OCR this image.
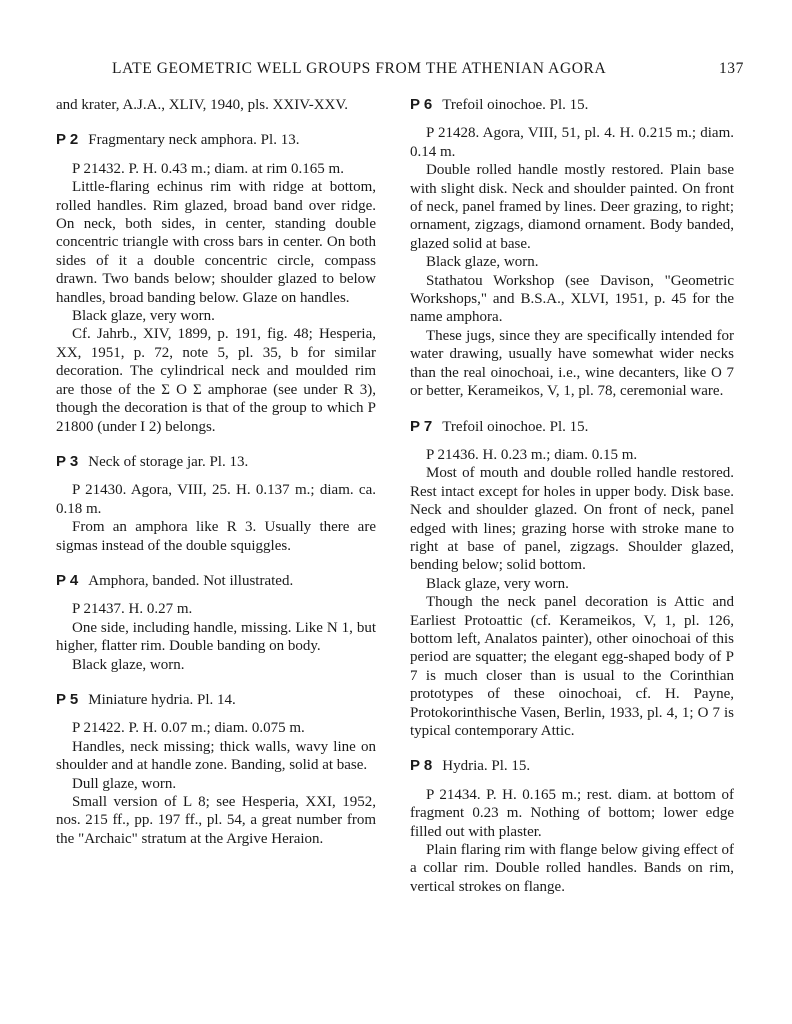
LATE GEOMETRIC WELL GROUPS FROM THE ATHENIAN AGORA	137

and krater, A.J.A., XLIV, 1940, pls. XXIV-XXV.

P 2 Fragmentary neck amphora. Pl. 13.

P 21432. P. H. 0.43 m.; diam. at rim 0.165 m.

Little-flaring echinus rim with ridge at bottom, rolled handles. Rim glazed, broad band over ridge. On neck, both sides, in center, standing double concentric triangle with cross bars in center. On both sides of it a double concentric circle, compass drawn. Two bands below; shoulder glazed to below handles, broad banding below. Glaze on handles.

Black glaze, very worn.

Cf. Jahrb., XIV, 1899, p. 191, fig. 48; Hesperia, XX, 1951, p. 72, note 5, pl. 35, b for similar decoration. The cylindrical neck and moulded rim are those of the Σ O Σ amphorae (see under R 3), though the decoration is that of the group to which P 21800 (under I 2) belongs.

P 3 Neck of storage jar. Pl. 13.

P 21430. Agora, VIII, 25. H. 0.137 m.; diam. ca. 0.18 m.

From an amphora like R 3. Usually there are sigmas instead of the double squiggles.

P 4 Amphora, banded. Not illustrated.

P 21437. H. 0.27 m.

One side, including handle, missing. Like N 1, but higher, flatter rim. Double banding on body.

Black glaze, worn.

P 5 Miniature hydria. Pl. 14.

P 21422. P. H. 0.07 m.; diam. 0.075 m.

Handles, neck missing; thick walls, wavy line on shoulder and at handle zone. Banding, solid at base.

Dull glaze, worn.

Small version of L 8; see Hesperia, XXI, 1952, nos. 215 ff., pp. 197 ff., pl. 54, a great number from the "Archaic" stratum at the Argive Heraion.

P 6 Trefoil oinochoe. Pl. 15.

P 21428. Agora, VIII, 51, pl. 4. H. 0.215 m.; diam. 0.14 m.

Double rolled handle mostly restored. Plain base with slight disk. Neck and shoulder painted. On front of neck, panel framed by lines. Deer grazing, to right; ornament, zigzags, diamond ornament. Body banded, glazed solid at base.

Black glaze, worn.

Stathatou Workshop (see Davison, "Geometric Workshops," and B.S.A., XLVI, 1951, p. 45 for the name amphora.

These jugs, since they are specifically intended for water drawing, usually have somewhat wider necks than the real oinochoai, i.e., wine decanters, like O 7 or better, Kerameikos, V, 1, pl. 78, ceremonial ware.

P 7 Trefoil oinochoe. Pl. 15.

P 21436. H. 0.23 m.; diam. 0.15 m.

Most of mouth and double rolled handle restored. Rest intact except for holes in upper body. Disk base. Neck and shoulder glazed. On front of neck, panel edged with lines; grazing horse with stroke mane to right at base of panel, zigzags. Shoulder glazed, bending below; solid bottom.

Black glaze, very worn.

Though the neck panel decoration is Attic and Earliest Protoattic (cf. Kerameikos, V, 1, pl. 126, bottom left, Analatos painter), other oinochoai of this period are squatter; the elegant egg-shaped body of P 7 is much closer than is usual to the Corinthian prototypes of these oinochoai, cf. H. Payne, Protokorinthische Vasen, Berlin, 1933, pl. 4, 1; O 7 is typical contemporary Attic.

P 8 Hydria. Pl. 15.

P 21434. P. H. 0.165 m.; rest. diam. at bottom of fragment 0.23 m. Nothing of bottom; lower edge filled out with plaster.

Plain flaring rim with flange below giving effect of a collar rim. Double rolled handles. Bands on rim, vertical strokes on flange.
